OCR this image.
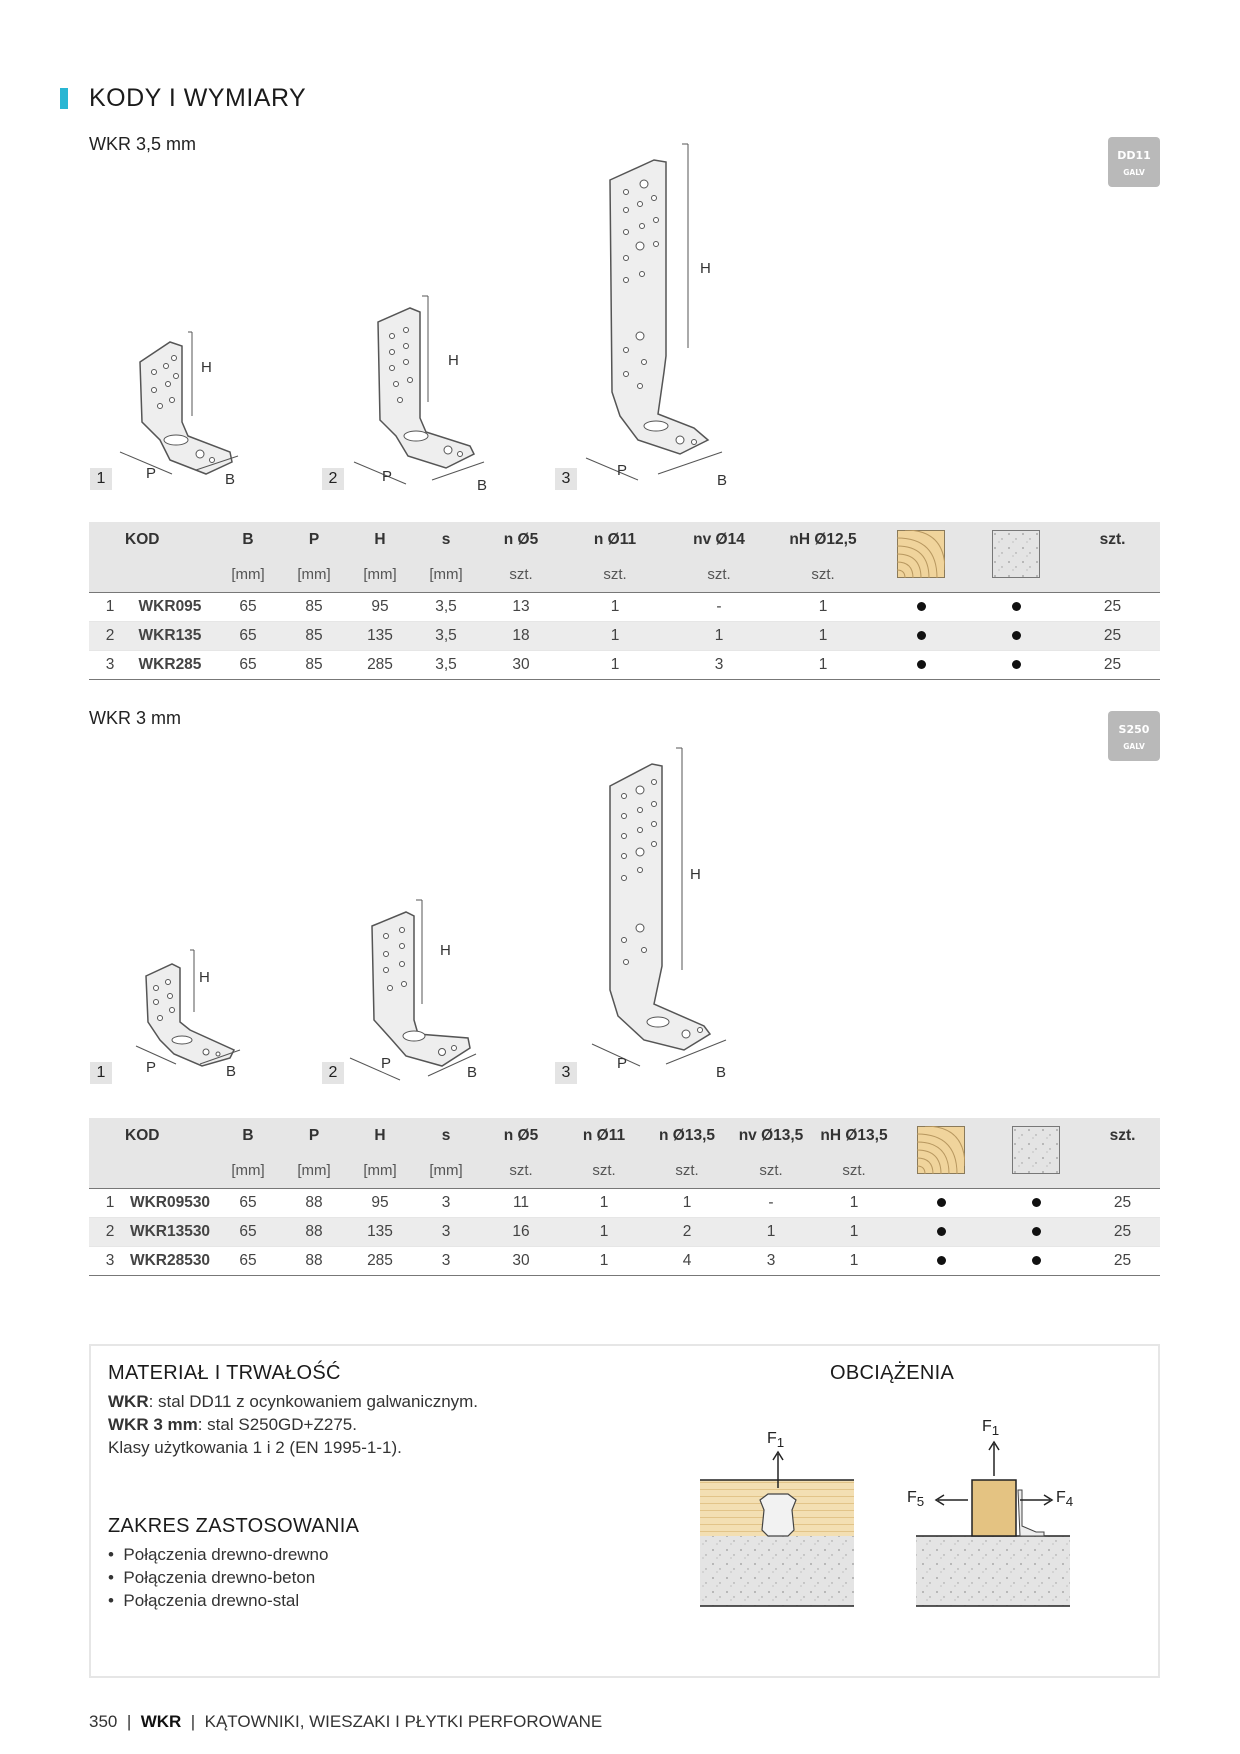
KODY I WYMIARY
WKR 3,5 mm
DD11
GALV
1	P	B
H
2	P
B
H
3	P
B
H
	KOD	B	P	H	s	n Ø5	n Ø11	nv Ø14	nH Ø12,5			szt.
		[mm]	[mm]	[mm]	[mm]	szt.	szt.	szt.	szt.			
1	WKR095	65	85	95	3,5	13	1	-	1			25
2	WKR135	65	85	135	3,5	18	1	1	1			25
3	WKR285	65	85	285	3,5	30	1	3	1			25
WKR 3 mm
S250
GALV
1	P	B
H
2
P
B
H
3
P
B
H
	KOD	B	P	H	s	n Ø5	n Ø11	n Ø13,5	nv Ø13,5	nH Ø13,5			szt.
		[mm]	[mm]	[mm]	[mm]	szt.	szt.	szt.	szt.	szt.			
1	WKR09530	65	88	95	3	11	1	1	-	1			25
2	WKR13530	65	88	135	3	16	1	2	1	1			25
3	WKR28530	65	88	285	3	30	1	4	3	1			25
MATERIAŁ I TRWAŁOŚĆ
WKR: stal DD11 z ocynkowaniem galwanicznym.
WKR 3 mm: stal S250GD+Z275.
Klasy użytkowania 1 i 2 (EN 1995-1-1).
ZAKRES ZASTOSOWANIA
•  Połączenia drewno-drewno
•  Połączenia drewno-beton
•  Połączenia drewno-stal
OBCIĄŻENIA
$F_1$
$F_1$
$F_5$	$F_4$
350  |  WKR  |  KĄTOWNIKI, WIESZAKI I PŁYTKI PERFOROWANE
